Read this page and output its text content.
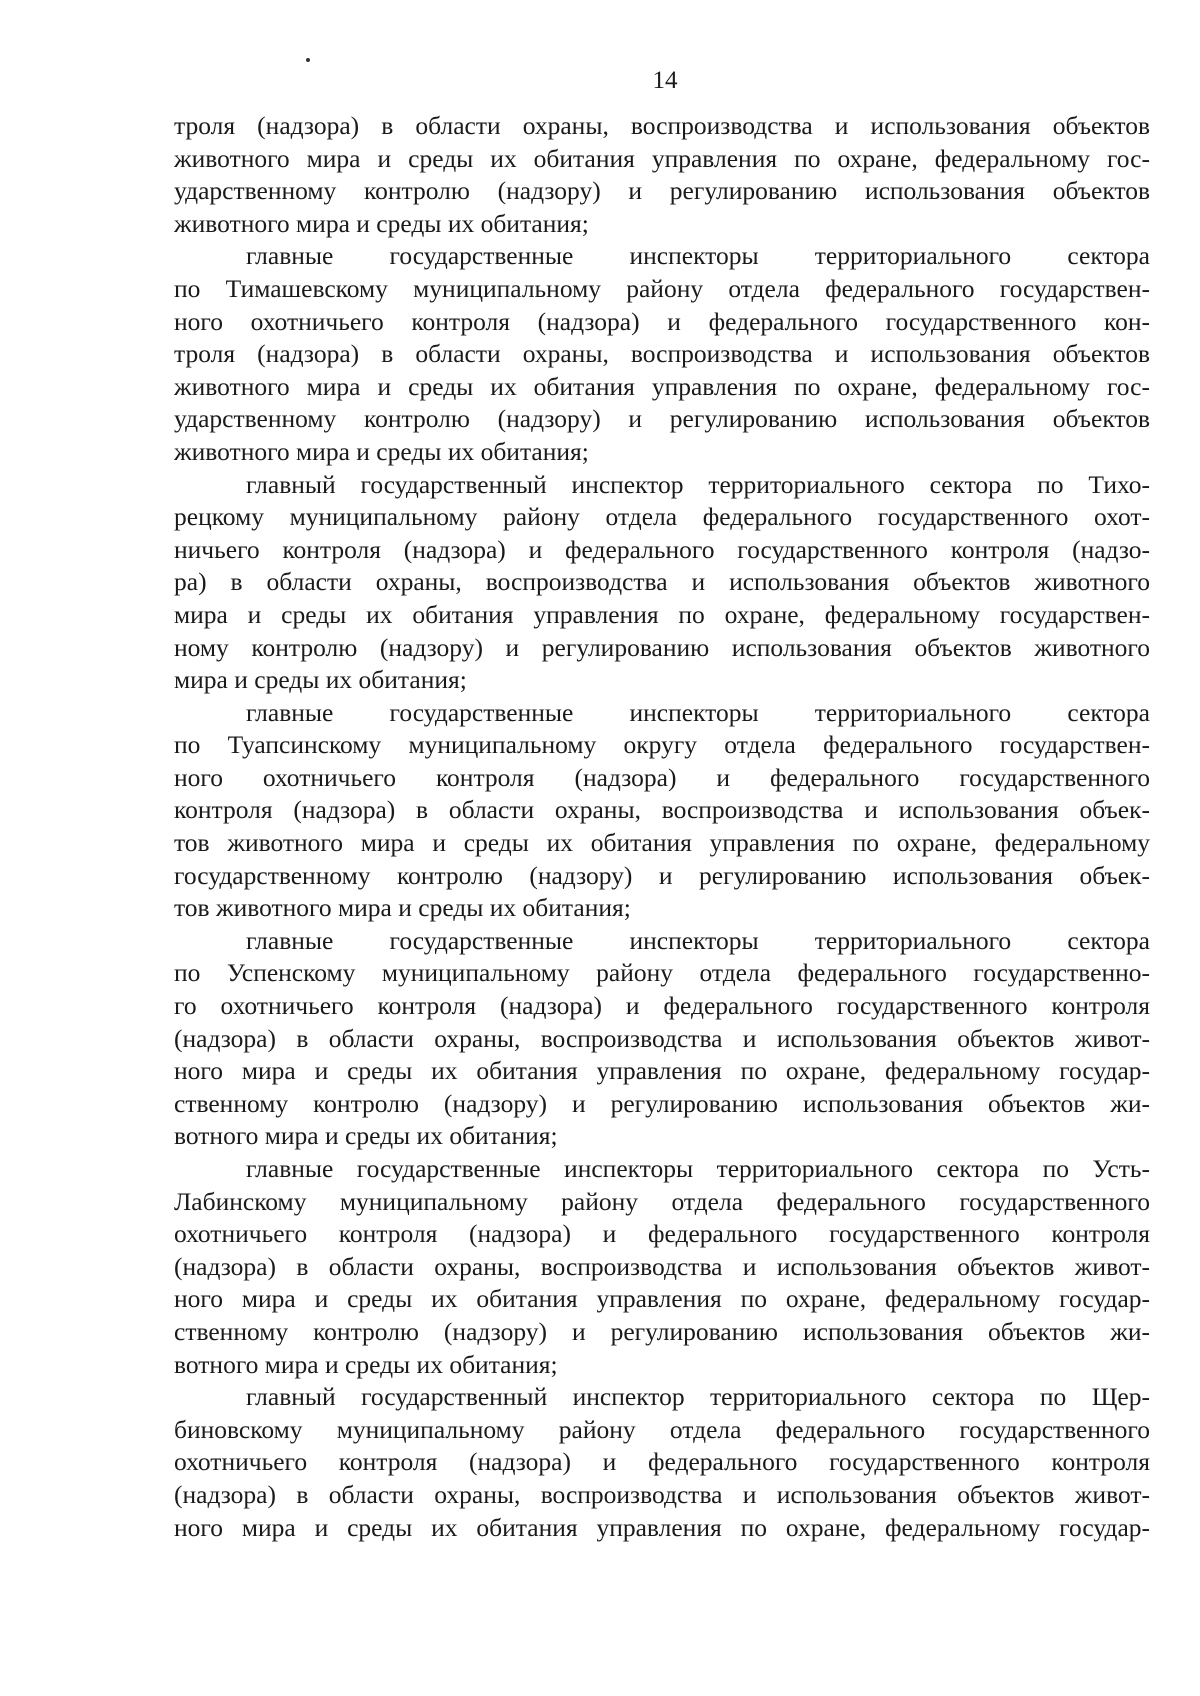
14
троля (надзора) в области охраны, воспроизводства и использования объектов
животного мира и среды их обитания управления по охране, федеральному гос-
ударственному контролю (надзору) и регулированию использования объектов
животного мира и среды их обитания;
главные государственные инспекторы территориального сектора
по Тимашевскому муниципальному району отдела федерального государствен-
ного охотничьего контроля (надзора) и федерального государственного кон-
троля (надзора) в области охраны, воспроизводства и использования объектов
животного мира и среды их обитания управления по охране, федеральному гос-
ударственному контролю (надзору) и регулированию использования объектов
животного мира и среды их обитания;
главный государственный инспектор территориального сектора по Тихо-
рецкому муниципальному району отдела федерального государственного охот-
ничьего контроля (надзора) и федерального государственного контроля (надзо-
ра) в области охраны, воспроизводства и использования объектов животного
мира и среды их обитания управления по охране, федеральному государствен-
ному контролю (надзору) и регулированию использования объектов животного
мира и среды их обитания;
главные государственные инспекторы территориального сектора
по Туапсинскому муниципальному округу отдела федерального государствен-
ного охотничьего контроля (надзора) и федерального государственного
контроля (надзора) в области охраны, воспроизводства и использования объек-
тов животного мира и среды их обитания управления по охране, федеральному
государственному контролю (надзору) и регулированию использования объек-
тов животного мира и среды их обитания;
главные государственные инспекторы территориального сектора
по Успенскому муниципальному району отдела федерального государственно-
го охотничьего контроля (надзора) и федерального государственного контроля
(надзора) в области охраны, воспроизводства и использования объектов живот-
ного мира и среды их обитания управления по охране, федеральному государ-
ственному контролю (надзору) и регулированию использования объектов жи-
вотного мира и среды их обитания;
главные государственные инспекторы территориального сектора по Усть-
Лабинскому муниципальному району отдела федерального государственного
охотничьего контроля (надзора) и федерального государственного контроля
(надзора) в области охраны, воспроизводства и использования объектов живот-
ного мира и среды их обитания управления по охране, федеральному государ-
ственному контролю (надзору) и регулированию использования объектов жи-
вотного мира и среды их обитания;
главный государственный инспектор территориального сектора по Щер-
биновскому муниципальному району отдела федерального государственного
охотничьего контроля (надзора) и федерального государственного контроля
(надзора) в области охраны, воспроизводства и использования объектов живот-
ного мира и среды их обитания управления по охране, федеральному государ-
